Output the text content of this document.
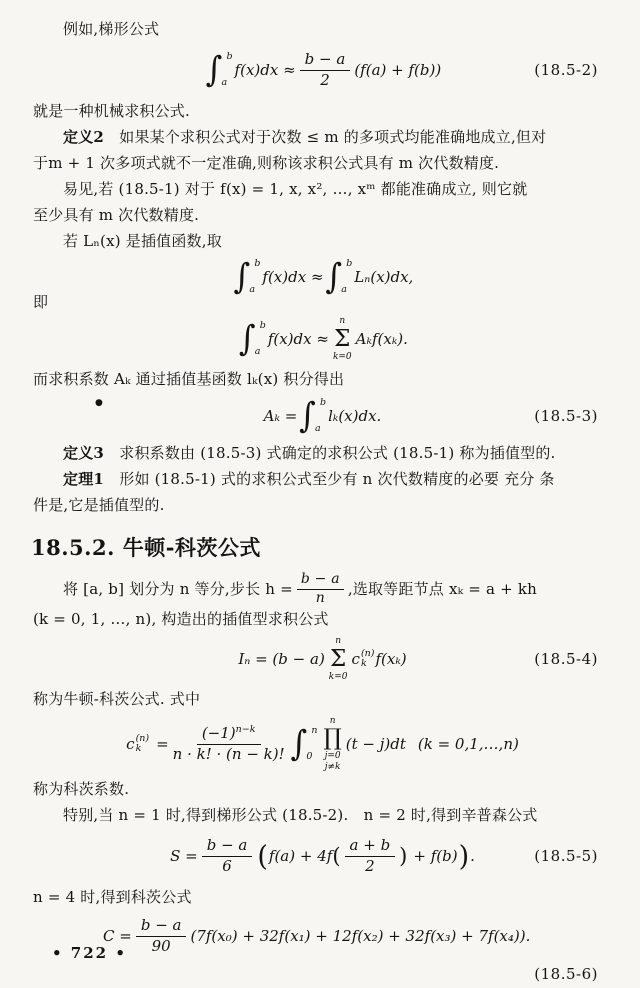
例如,梯形公式
∫ b
a
$f(x)dx \approx \frac{b - a}{2} (f(a) + f(b))$	(18.5-2)
就是一种机械求积公式.
定义2　如果某个求积公式对于次数 ≤ m 的多项式均能准确地成立,但对
于m + 1 次多项式就不一定准确,则称该求积公式具有 m 次代数精度.
易见,若 (18.5-1) 对于 f(x) = 1, x, x², …, xᵐ 都能准确成立, 则它就
至少具有 m 次代数精度.
若 Lₙ(x) 是插值函数,取
∫ b
a
f(x)dx ≈ ∫ b
a
Lₙ(x)dx,
即
∫ b
a
f(x)dx ≈
n
Σ
k=0
Aₖf(xₖ).
而求积系数 Aₖ 通过插值基函数 lₖ(x) 积分得出
●
Aₖ = ∫ b
a
lₖ(x)dx.	(18.5-3)
定义3　求积系数由 (18.5-3) 式确定的求积公式 (18.5-1) 称为插值型的.
定理1　形如 (18.5-1) 式的求积公式至少有 n 次代数精度的必要 充分 条
件是,它是插值型的.
18.5.2. 牛顿-科茨公式
将 [a, b] 划分为 n 等分,步长 $h = \frac{b - a}{n}$ ,选取等距节点 xₖ = a + kh
(k = 0, 1, …, n), 构造出的插值型求积公式
Iₙ = (b − a)
n
Σ
k=0
c (n)
k f(xₖ)	(18.5-4)
称为牛顿-科茨公式. 式中
c (n)
$k = \frac{(-1)^{n-k}}{n \cdot k! \cdot (n - k)!}$ ∫ n
0
n
∏
j=0
j≠k
(t − j)dt (k = 0,1,…,n)
称为科茨系数.
特别,当 n = 1 时,得到梯形公式 (18.5-2).　n = 2 时,得到辛普森公式
$S = \frac{b - a}{6}$ ( f(a) + 4f ( $\frac{a + b}{2}$ ) + f(b) ) .	(18.5-5)
n = 4 时,得到科茨公式
$C = \frac{b - a}{90} (7f(x_0) + 32f(x_1) + 12f(x_2) + 32f(x_3) + 7f(x_4))$.
(18.5-6)
• 722 •
